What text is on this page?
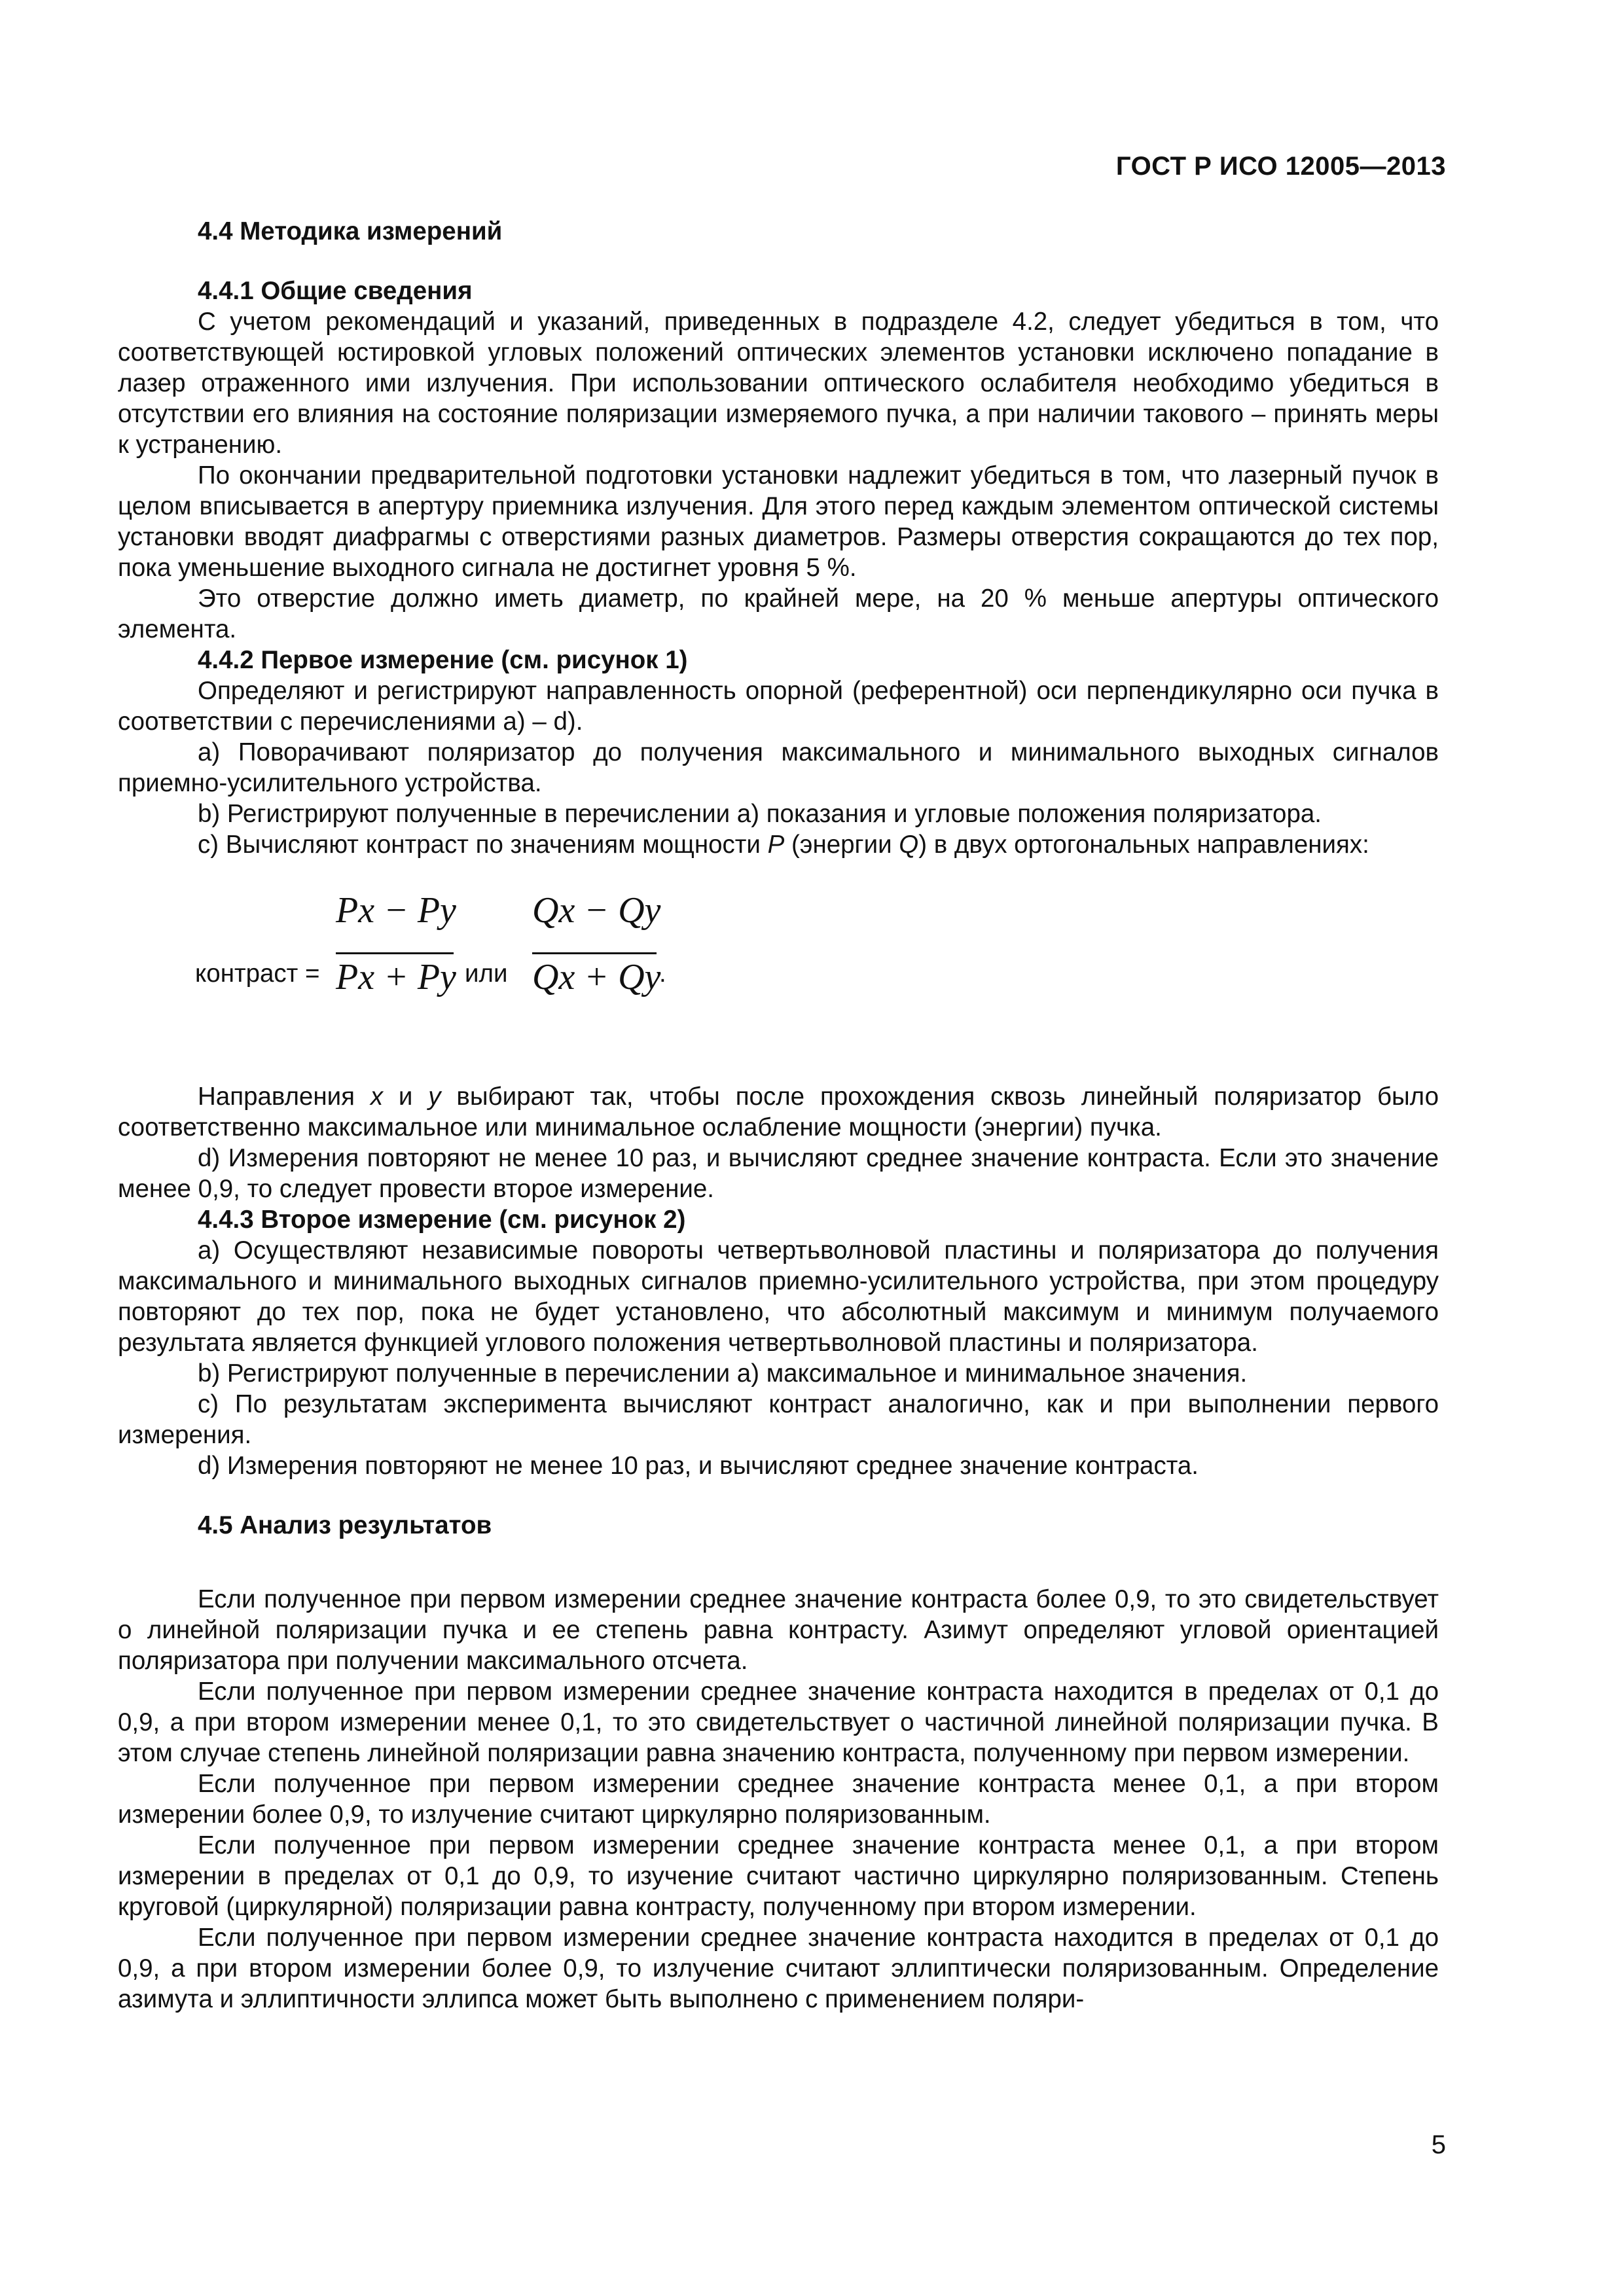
ГОСТ Р ИСО 12005—2013

4.4 Методика измерений

4.4.1 Общие сведения

С учетом рекомендаций и указаний, приведенных в подразделе 4.2, следует убедиться в том, что соответствующей юстировкой угловых положений оптических элементов установки исключено попадание в лазер отраженного ими излучения. При использовании оптического ослабителя необходимо убедиться в отсутствии его влияния на состояние поляризации измеряемого пучка, а при наличии такового – принять меры к устранению.

По окончании предварительной подготовки установки надлежит убедиться в том, что лазерный пучок в целом вписывается в апертуру приемника излучения. Для этого перед каждым элементом оптической системы установки вводят диафрагмы с отверстиями разных диаметров. Размеры отверстия сокращаются до тех пор, пока уменьшение выходного сигнала не достигнет уровня 5 %.

Это отверстие должно иметь диаметр, по крайней мере, на 20 % меньше апертуры оптического элемента.

4.4.2 Первое измерение (см. рисунок 1)

Определяют и регистрируют направленность опорной (референтной) оси перпендикулярно оси пучка в соответствии с перечислениями a) – d).

a) Поворачивают поляризатор до получения максимального и минимального выходных сигналов приемно-усилительного устройства.

b) Регистрируют полученные в перечислении a) показания и угловые положения поляризатора.

c) Вычисляют контраст по значениям мощности P (энергии Q) в двух ортогональных направлениях:

контраст =
Px − Py
Px + Py или
Qx − Qy
Qx + Qy
.

Направления x и y выбирают так, чтобы после прохождения сквозь линейный поляризатор было соответственно максимальное или минимальное ослабление мощности (энергии) пучка.

d) Измерения повторяют не менее 10 раз, и вычисляют среднее значение контраста. Если это значение менее 0,9, то следует провести второе измерение.

4.4.3 Второе измерение (см. рисунок 2)

a) Осуществляют независимые повороты четвертьволновой пластины и поляризатора до получения максимального и минимального выходных сигналов приемно-усилительного устройства, при этом процедуру повторяют до тех пор, пока не будет установлено, что абсолютный максимум и минимум получаемого результата является функцией углового положения четвертьволновой пластины и поляризатора.

b) Регистрируют полученные в перечислении a) максимальное и минимальное значения.

c) По результатам эксперимента вычисляют контраст аналогично, как и при выполнении первого измерения.

d) Измерения повторяют не менее 10 раз, и вычисляют среднее значение контраста.

4.5 Анализ результатов

Если полученное при первом измерении среднее значение контраста более 0,9, то это свидетельствует о линейной поляризации пучка и ее степень равна контрасту. Азимут определяют угловой ориентацией поляризатора при получении максимального отсчета.

Если полученное при первом измерении среднее значение контраста находится в пределах от 0,1 до 0,9, а при втором измерении менее 0,1, то это свидетельствует о частичной линейной поляризации пучка. В этом случае степень линейной поляризации равна значению контраста, полученному при первом измерении.

Если полученное при первом измерении среднее значение контраста менее 0,1, а при втором измерении более 0,9, то излучение считают циркулярно поляризованным.

Если полученное при первом измерении среднее значение контраста менее 0,1, а при втором измерении в пределах от 0,1 до 0,9, то изучение считают частично циркулярно поляризованным. Степень круговой (циркулярной) поляризации равна контрасту, полученному при втором измерении.

Если полученное при первом измерении среднее значение контраста находится в пределах от 0,1 до 0,9, а при втором измерении более 0,9, то излучение считают эллиптически поляризованным. Определение азимута и эллиптичности эллипса может быть выполнено с применением поляри-

5
